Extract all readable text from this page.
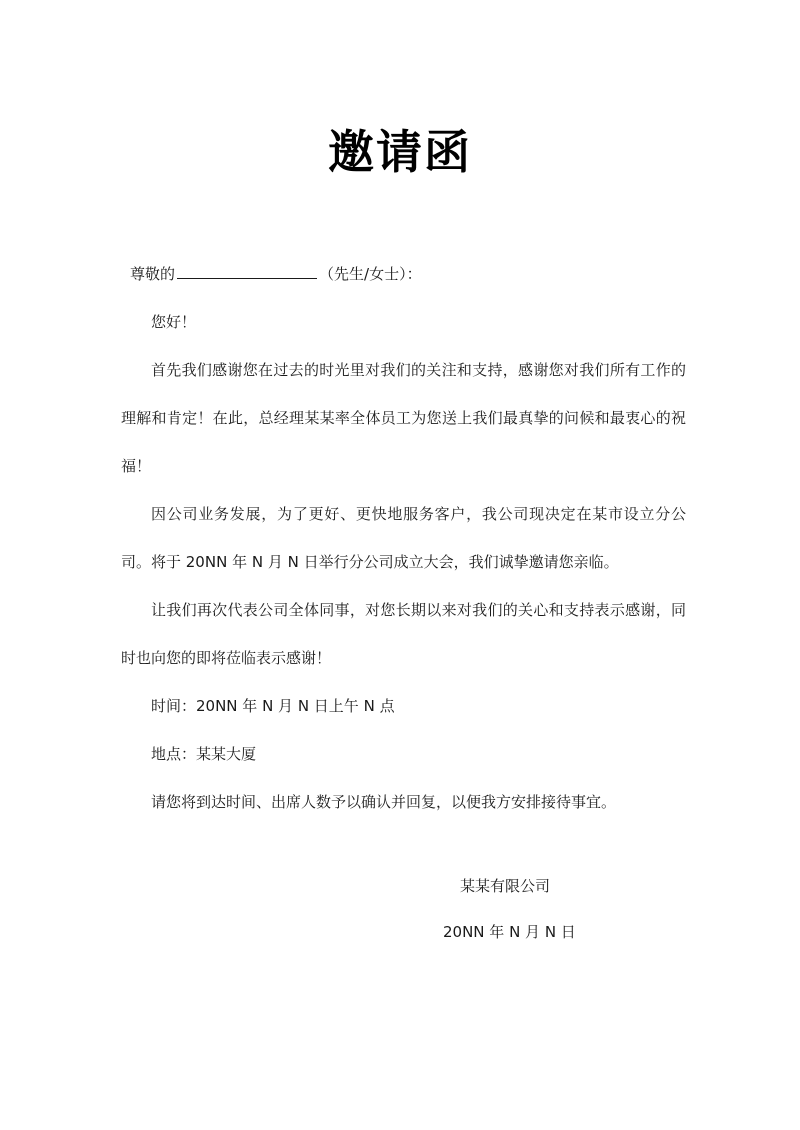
邀请函
尊敬的	（先生/女士）：

您好！

首先我们感谢您在过去的时光里对我们的关注和支持，感谢您对我们所有工作的理解和肯定！在此，总经理某某率全体员工为您送上我们最真挚的问候和最衷心的祝福！

因公司业务发展，为了更好、更快地服务客户，我公司现决定在某市设立分公司。将于 20NN 年 N 月 N 日举行分公司成立大会，我们诚挚邀请您亲临。

让我们再次代表公司全体同事，对您长期以来对我们的关心和支持表示感谢，同时也向您的即将莅临表示感谢！

时间：20NN 年 N 月 N 日上午 N 点

地点：某某大厦

请您将到达时间、出席人数予以确认并回复，以便我方安排接待事宜。

某某有限公司
20NN 年 N 月 N 日
